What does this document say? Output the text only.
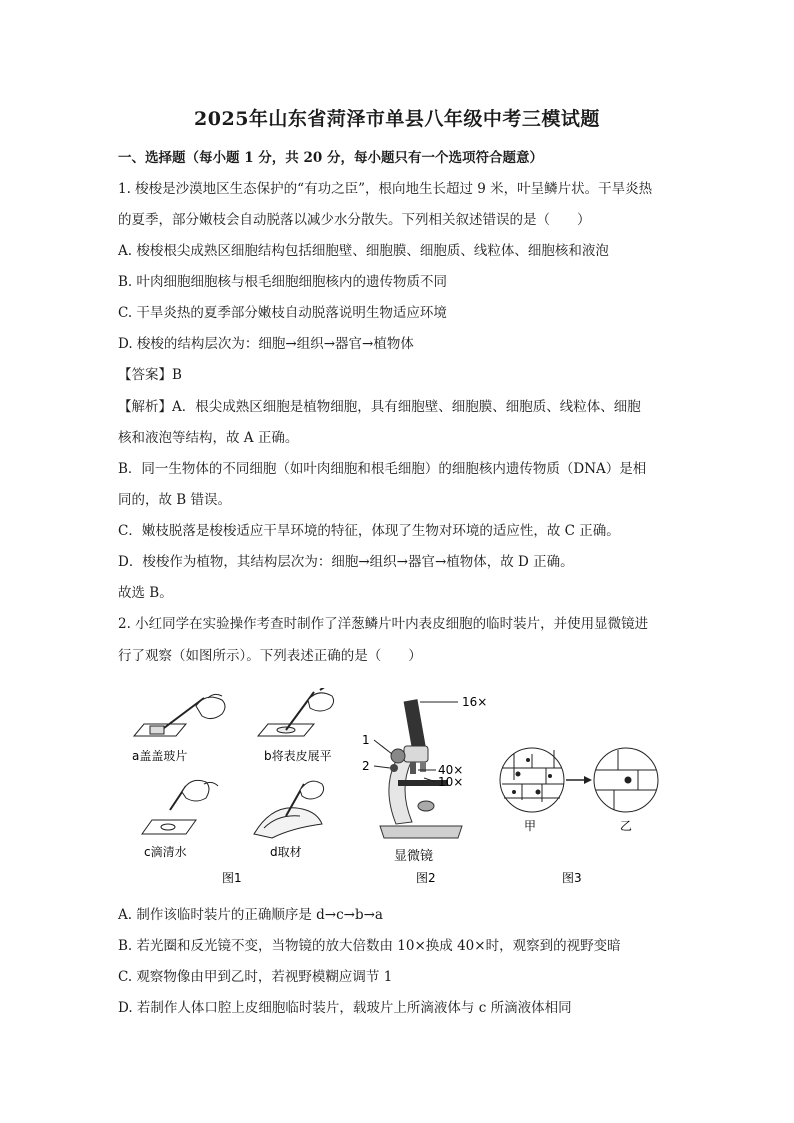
2025年山东省菏泽市单县八年级中考三模试题
一、选择题（每小题 1 分，共 20 分，每小题只有一个选项符合题意）
1. 梭梭是沙漠地区生态保护的“有功之臣”，根向地生长超过 9 米，叶呈鳞片状。干旱炎热
的夏季，部分嫩枝会自动脱落以减少水分散失。下列相关叙述错误的是（　　）
A. 梭梭根尖成熟区细胞结构包括细胞壁、细胞膜、细胞质、线粒体、细胞核和液泡
B. 叶肉细胞细胞核与根毛细胞细胞核内的遗传物质不同
C. 干旱炎热的夏季部分嫩枝自动脱落说明生物适应环境
D. 梭梭的结构层次为：细胞→组织→器官→植物体
【答案】B
【解析】A．根尖成熟区细胞是植物细胞，具有细胞壁、细胞膜、细胞质、线粒体、细胞
核和液泡等结构，故 A 正确。
B．同一生物体的不同细胞（如叶肉细胞和根毛细胞）的细胞核内遗传物质（DNA）是相
同的，故 B 错误。
C．嫩枝脱落是梭梭适应干旱环境的特征，体现了生物对环境的适应性，故 C 正确。
D．梭梭作为植物，其结构层次为：细胞→组织→器官→植物体，故 D 正确。
故选 B。
2. 小红同学在实验操作考查时制作了洋葱鳞片叶内表皮细胞的临时装片，并使用显微镜进
行了观察（如图所示）。下列表述正确的是（　　）
a盖盖玻片	b将表皮展平
c滴清水	d取材
图1
16×
1
2	40×
10×
显微镜
图2
甲	乙
图3
A. 制作该临时装片的正确顺序是 d→c→b→a
B. 若光圈和反光镜不变，当物镜的放大倍数由 10×换成 40×时，观察到的视野变暗
C. 观察物像由甲到乙时，若视野模糊应调节 1
D. 若制作人体口腔上皮细胞临时装片，载玻片上所滴液体与 c 所滴液体相同
